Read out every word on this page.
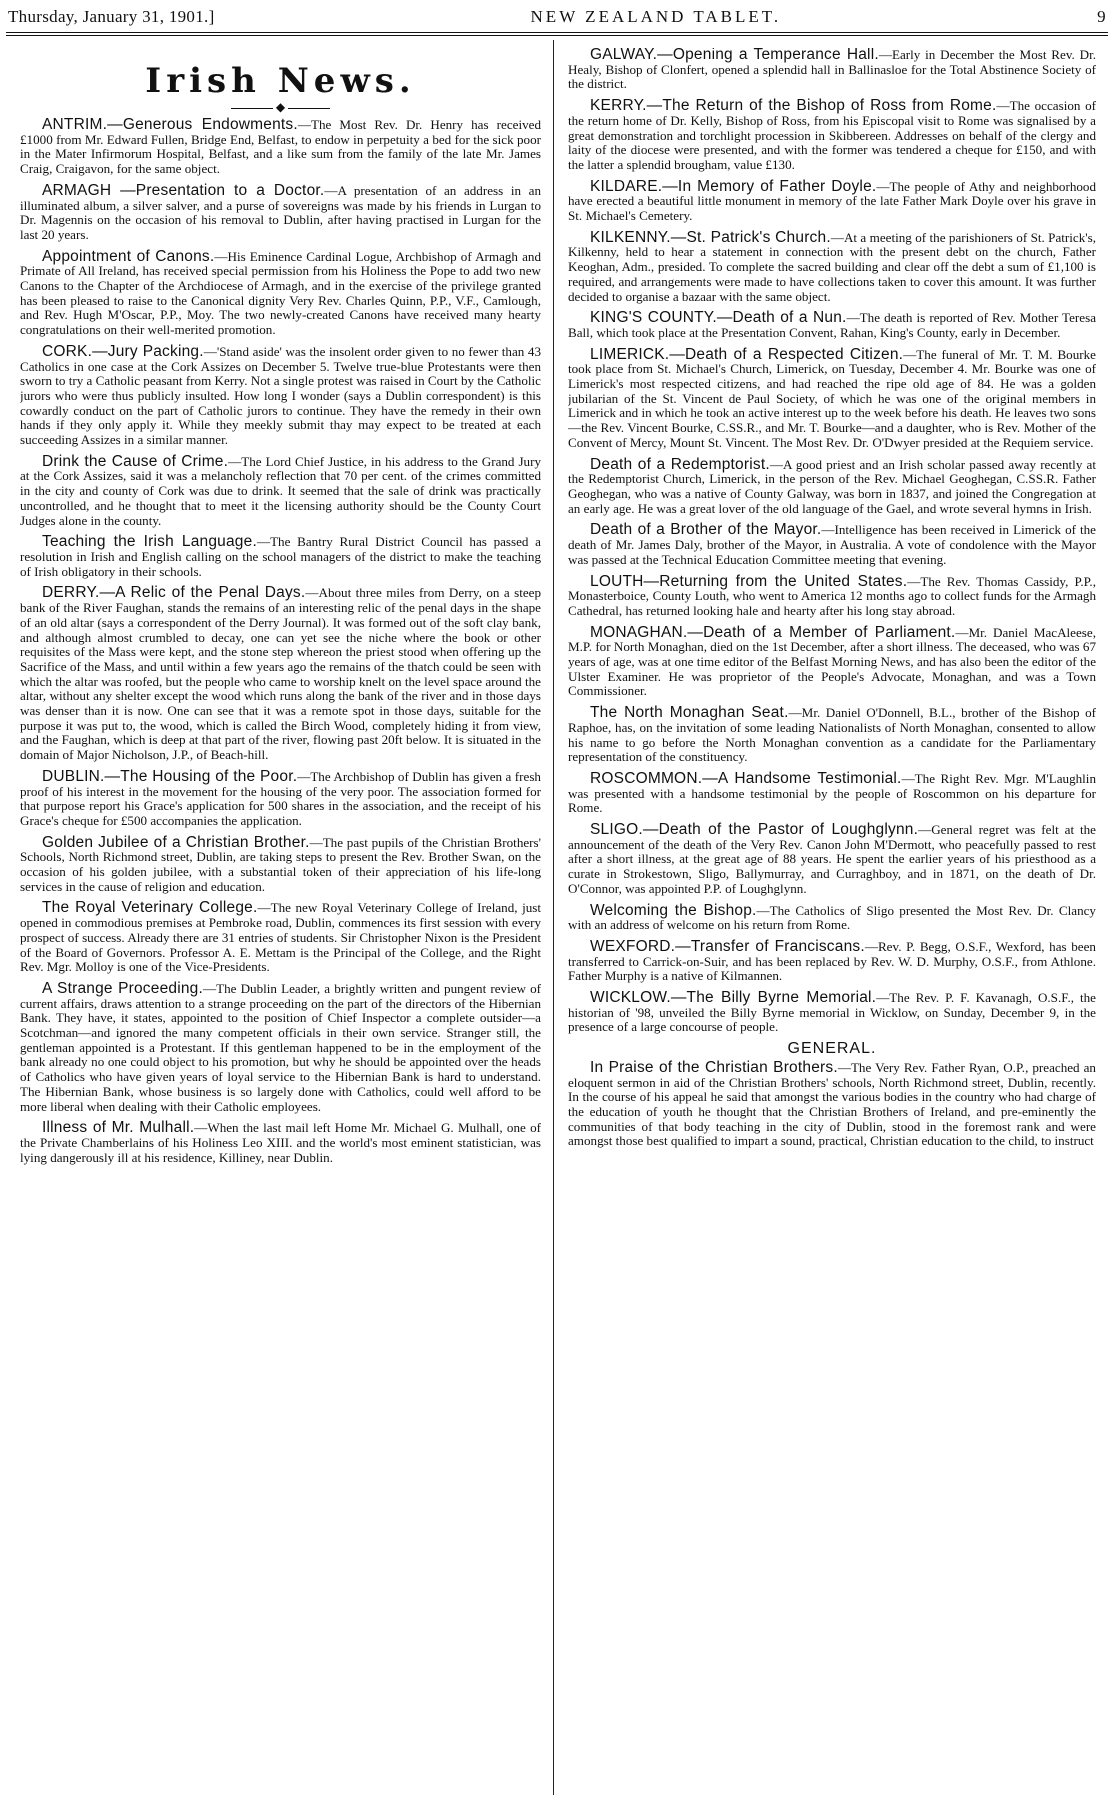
Thursday, January 31, 1901.]	NEW ZEALAND TABLET.	9
Irish News.
◆

ANTRIM.—Generous Endowments.—The Most Rev. Dr. Henry has received £1000 from Mr. Edward Fullen, Bridge End, Belfast, to endow in perpetuity a bed for the sick poor in the Mater Infirmorum Hospital, Belfast, and a like sum from the family of the late Mr. James Craig, Craigavon, for the same object.

ARMAGH —Presentation to a Doctor.—A presentation of an address in an illuminated album, a silver salver, and a purse of sovereigns was made by his friends in Lurgan to Dr. Magennis on the occasion of his removal to Dublin, after having practised in Lurgan for the last 20 years.

Appointment of Canons.—His Eminence Cardinal Logue, Archbishop of Armagh and Primate of All Ireland, has received special permission from his Holiness the Pope to add two new Canons to the Chapter of the Archdiocese of Armagh, and in the exercise of the privilege granted has been pleased to raise to the Canonical dignity Very Rev. Charles Quinn, P.P., V.F., Camlough, and Rev. Hugh M'Oscar, P.P., Moy. The two newly-created Canons have received many hearty congratulations on their well-merited promotion.

CORK.—Jury Packing.—'Stand aside' was the insolent order given to no fewer than 43 Catholics in one case at the Cork Assizes on December 5. Twelve true-blue Protestants were then sworn to try a Catholic peasant from Kerry. Not a single protest was raised in Court by the Catholic jurors who were thus publicly insulted. How long I wonder (says a Dublin correspondent) is this cowardly conduct on the part of Catholic jurors to continue. They have the remedy in their own hands if they only apply it. While they meekly submit thay may expect to be treated at each succeeding Assizes in a similar manner.

Drink the Cause of Crime.—The Lord Chief Justice, in his address to the Grand Jury at the Cork Assizes, said it was a melancholy reflection that 70 per cent. of the crimes committed in the city and county of Cork was due to drink. It seemed that the sale of drink was practically uncontrolled, and he thought that to meet it the licensing authority should be the County Court Judges alone in the county.

Teaching the Irish Language.—The Bantry Rural District Council has passed a resolution in Irish and English calling on the school managers of the district to make the teaching of Irish obligatory in their schools.

DERRY.—A Relic of the Penal Days.—About three miles from Derry, on a steep bank of the River Faughan, stands the remains of an interesting relic of the penal days in the shape of an old altar (says a correspondent of the Derry Journal). It was formed out of the soft clay bank, and although almost crumbled to decay, one can yet see the niche where the book or other requisites of the Mass were kept, and the stone step whereon the priest stood when offering up the Sacrifice of the Mass, and until within a few years ago the remains of the thatch could be seen with which the altar was roofed, but the people who came to worship knelt on the level space around the altar, without any shelter except the wood which runs along the bank of the river and in those days was denser than it is now. One can see that it was a remote spot in those days, suitable for the purpose it was put to, the wood, which is called the Birch Wood, completely hiding it from view, and the Faughan, which is deep at that part of the river, flowing past 20ft below. It is situated in the domain of Major Nicholson, J.P., of Beach-hill.

DUBLIN.—The Housing of the Poor.—The Archbishop of Dublin has given a fresh proof of his interest in the movement for the housing of the very poor. The association formed for that purpose report his Grace's application for 500 shares in the association, and the receipt of his Grace's cheque for £500 accompanies the application.

Golden Jubilee of a Christian Brother.—The past pupils of the Christian Brothers' Schools, North Richmond street, Dublin, are taking steps to present the Rev. Brother Swan, on the occasion of his golden jubilee, with a substantial token of their appreciation of his life-long services in the cause of religion and education.

The Royal Veterinary College.—The new Royal Veterinary College of Ireland, just opened in commodious premises at Pembroke road, Dublin, commences its first session with every prospect of success. Already there are 31 entries of students. Sir Christopher Nixon is the President of the Board of Governors. Professor A. E. Mettam is the Principal of the College, and the Right Rev. Mgr. Molloy is one of the Vice-Presidents.

A Strange Proceeding.—The Dublin Leader, a brightly written and pungent review of current affairs, draws attention to a strange proceeding on the part of the directors of the Hibernian Bank. They have, it states, appointed to the position of Chief Inspector a complete outsider—a Scotchman—and ignored the many competent officials in their own service. Stranger still, the gentleman appointed is a Protestant. If this gentleman happened to be in the employment of the bank already no one could object to his promotion, but why he should be appointed over the heads of Catholics who have given years of loyal service to the Hibernian Bank is hard to understand. The Hibernian Bank, whose business is so largely done with Catholics, could well afford to be more liberal when dealing with their Catholic employees.

Illness of Mr. Mulhall.—When the last mail left Home Mr. Michael G. Mulhall, one of the Private Chamberlains of his Holiness Leo XIII. and the world's most eminent statistician, was lying dangerously ill at his residence, Killiney, near Dublin.

GALWAY.—Opening a Temperance Hall.—Early in December the Most Rev. Dr. Healy, Bishop of Clonfert, opened a splendid hall in Ballinasloe for the Total Abstinence Society of the district.

KERRY.—The Return of the Bishop of Ross from Rome.—The occasion of the return home of Dr. Kelly, Bishop of Ross, from his Episcopal visit to Rome was signalised by a great demonstration and torchlight procession in Skibbereen. Addresses on behalf of the clergy and laity of the diocese were presented, and with the former was tendered a cheque for £150, and with the latter a splendid brougham, value £130.

KILDARE.—In Memory of Father Doyle.—The people of Athy and neighborhood have erected a beautiful little monument in memory of the late Father Mark Doyle over his grave in St. Michael's Cemetery.

KILKENNY.—St. Patrick's Church.—At a meeting of the parishioners of St. Patrick's, Kilkenny, held to hear a statement in connection with the present debt on the church, Father Keoghan, Adm., presided. To complete the sacred building and clear off the debt a sum of £1,100 is required, and arrangements were made to have collections taken to cover this amount. It was further decided to organise a bazaar with the same object.

KING'S COUNTY.—Death of a Nun.—The death is reported of Rev. Mother Teresa Ball, which took place at the Presentation Convent, Rahan, King's County, early in December.

LIMERICK.—Death of a Respected Citizen.—The funeral of Mr. T. M. Bourke took place from St. Michael's Church, Limerick, on Tuesday, December 4. Mr. Bourke was one of Limerick's most respected citizens, and had reached the ripe old age of 84. He was a golden jubilarian of the St. Vincent de Paul Society, of which he was one of the original members in Limerick and in which he took an active interest up to the week before his death. He leaves two sons—the Rev. Vincent Bourke, C.SS.R., and Mr. T. Bourke—and a daughter, who is Rev. Mother of the Convent of Mercy, Mount St. Vincent. The Most Rev. Dr. O'Dwyer presided at the Requiem service.

Death of a Redemptorist.—A good priest and an Irish scholar passed away recently at the Redemptorist Church, Limerick, in the person of the Rev. Michael Geoghegan, C.SS.R. Father Geoghegan, who was a native of County Galway, was born in 1837, and joined the Congregation at an early age. He was a great lover of the old language of the Gael, and wrote several hymns in Irish.

Death of a Brother of the Mayor.—Intelligence has been received in Limerick of the death of Mr. James Daly, brother of the Mayor, in Australia. A vote of condolence with the Mayor was passed at the Technical Education Committee meeting that evening.

LOUTH—Returning from the United States.—The Rev. Thomas Cassidy, P.P., Monasterboice, County Louth, who went to America 12 months ago to collect funds for the Armagh Cathedral, has returned looking hale and hearty after his long stay abroad.

MONAGHAN.—Death of a Member of Parliament.—Mr. Daniel MacAleese, M.P. for North Monaghan, died on the 1st December, after a short illness. The deceased, who was 67 years of age, was at one time editor of the Belfast Morning News, and has also been the editor of the Ulster Examiner. He was proprietor of the People's Advocate, Monaghan, and was a Town Commissioner.

The North Monaghan Seat.—Mr. Daniel O'Donnell, B.L., brother of the Bishop of Raphoe, has, on the invitation of some leading Nationalists of North Monaghan, consented to allow his name to go before the North Monaghan convention as a candidate for the Parliamentary representation of the constituency.

ROSCOMMON.—A Handsome Testimonial.—The Right Rev. Mgr. M'Laughlin was presented with a handsome testimonial by the people of Roscommon on his departure for Rome.

SLIGO.—Death of the Pastor of Loughglynn.—General regret was felt at the announcement of the death of the Very Rev. Canon John M'Dermott, who peacefully passed to rest after a short illness, at the great age of 88 years. He spent the earlier years of his priesthood as a curate in Strokestown, Sligo, Ballymurray, and Curraghboy, and in 1871, on the death of Dr. O'Connor, was appointed P.P. of Loughglynn.

Welcoming the Bishop.—The Catholics of Sligo presented the Most Rev. Dr. Clancy with an address of welcome on his return from Rome.

WEXFORD.—Transfer of Franciscans.—Rev. P. Begg, O.S.F., Wexford, has been transferred to Carrick-on-Suir, and has been replaced by Rev. W. D. Murphy, O.S.F., from Athlone. Father Murphy is a native of Kilmannen.

WICKLOW.—The Billy Byrne Memorial.—The Rev. P. F. Kavanagh, O.S.F., the historian of '98, unveiled the Billy Byrne memorial in Wicklow, on Sunday, December 9, in the presence of a large concourse of people.

GENERAL.

In Praise of the Christian Brothers.—The Very Rev. Father Ryan, O.P., preached an eloquent sermon in aid of the Christian Brothers' schools, North Richmond street, Dublin, recently. In the course of his appeal he said that amongst the various bodies in the country who had charge of the education of youth he thought that the Christian Brothers of Ireland, and pre-eminently the communities of that body teaching in the city of Dublin, stood in the foremost rank and were amongst those best qualified to impart a sound, practical, Christian education to the child, to instruct
